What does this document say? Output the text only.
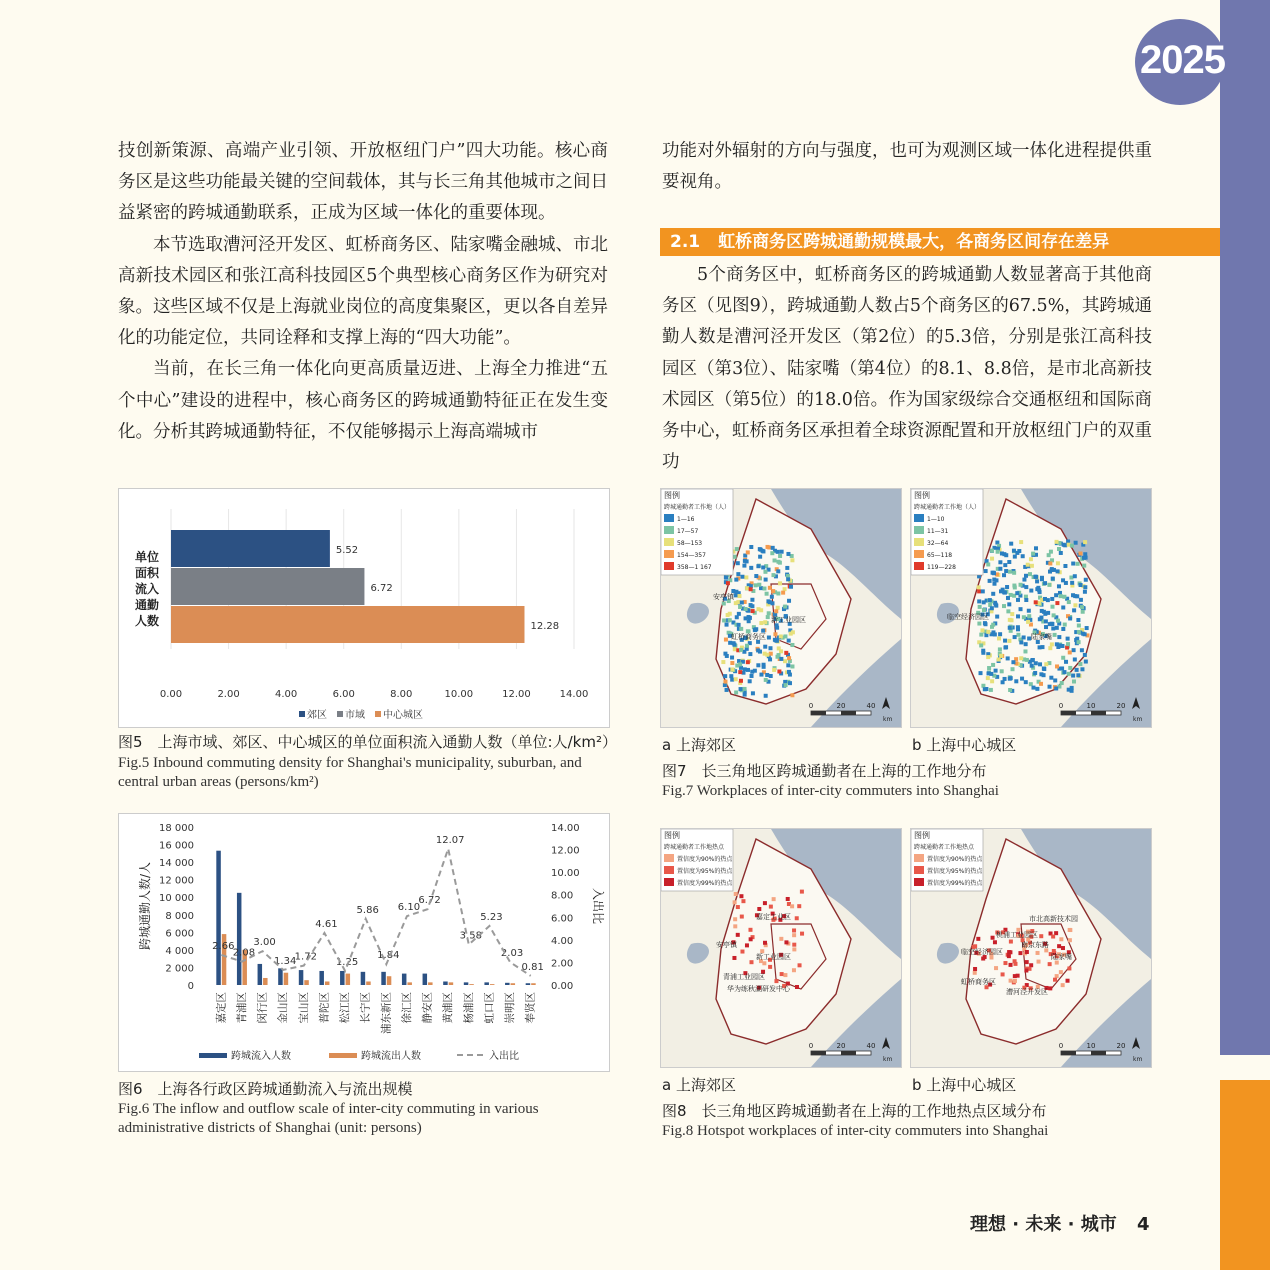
2025

技创新策源、高端产业引领、开放枢纽门户”四大功能。核心商务区是这些功能最关键的空间载体，其与长三角其他城市之间日益紧密的跨城通勤联系，正成为区域一体化的重要体现。

本节选取漕河泾开发区、虹桥商务区、陆家嘴金融城、市北高新技术园区和张江高科技园区5个典型核心商务区作为研究对象。这些区域不仅是上海就业岗位的高度集聚区，更以各自差异化的功能定位，共同诠释和支撑上海的“四大功能”。

当前，在长三角一体化向更高质量迈进、上海全力推进“五个中心”建设的进程中，核心商务区的跨城通勤特征正在发生变化。分析其跨城通勤特征，不仅能够揭示上海高端城市

功能对外辐射的方向与强度，也可为观测区域一体化进程提供重要视角。

2.1 虹桥商务区跨城通勤规模最大，各商务区间存在差异

5个商务区中，虹桥商务区的跨城通勤人数显著高于其他商务区（见图9），跨城通勤人数占5个商务区的67.5%，其跨城通勤人数是漕河泾开发区（第2位）的5.3倍，分别是张江高科技园区（第3位）、陆家嘴（第4位）的8.1、8.8倍，是市北高新技术园区（第5位）的18.0倍。作为国家级综合交通枢纽和国际商务中心，虹桥商务区承担着全球资源配置和开放枢纽门户的双重功

0.00	2.00	4.00	6.00	8.00	10.00	12.00	14.00
单位
面积
流入
通勤
人数
5.52
6.72
12.28
郊区 市域 中心城区
图5　上海市域、郊区、中心城区的单位面积流入通勤人数（单位:人/km²）
Fig.5 Inbound commuting density for Shanghai's municipality, suburban, and central urban areas (persons/km²)
0
2 000
4 000
6 000
8 000
10 000
12 000
14 000
16 000
18 000
0.00
2.00
4.00
6.00
8.00
10.00
12.00
14.00
跨城通勤人数/人	入出比
2.66
嘉定区
2.08
青浦区
3.00
闵行区
1.34
金山区
1.72
宝山区
4.61
普陀区
1.25
松江区
5.86
长宁区
1.84
浦东新区
6.10
徐汇区
6.72
静安区
12.07
黄浦区
3.58
杨浦区
5.23
虹口区
2.03
崇明区
0.81
奉贤区
跨城流入人数	跨城流出人数	入出比
图6　上海各行政区跨城通勤流入与流出规模
Fig.6 The inflow and outflow scale of inter-city commuting in various administrative districts of Shanghai (unit: persons)
图例
跨城通勤者工作地（人）
1—16
17—57
58—153
154—357
358—1 167
安亭镇
新工业园区
虹桥商务区
0	20	40
km
图例
跨城通勤者工作地（人）
1—10
11—31
32—64
65—118
119—228
临空经济园区
陆家嘴
0	10	20
km
a 上海郊区	b 上海中心城区
图7　长三角地区跨城通勤者在上海的工作地分布
Fig.7 Workplaces of inter-city commuters into Shanghai
图例
跨城通勤者工作地热点
置信度为90%的热点
置信度为95%的热点
置信度为99%的热点
嘉定工业区
安亭镇
新工业园区
青浦工业园区
华为练秋湖研发中心
0	20	40
km
图例
跨城通勤者工作地热点
置信度为90%的热点
置信度为95%的热点
置信度为99%的热点
市北高新技术园
桃浦工业园区
南京东路
临空经济园区
陆家嘴
虹桥商务区
漕河泾开发区
0	10	20
km
a 上海郊区	b 上海中心城区
图8　长三角地区跨城通勤者在上海的工作地热点区域分布
Fig.8 Hotspot workplaces of inter-city commuters into Shanghai
理想 · 未来 · 城市 4
